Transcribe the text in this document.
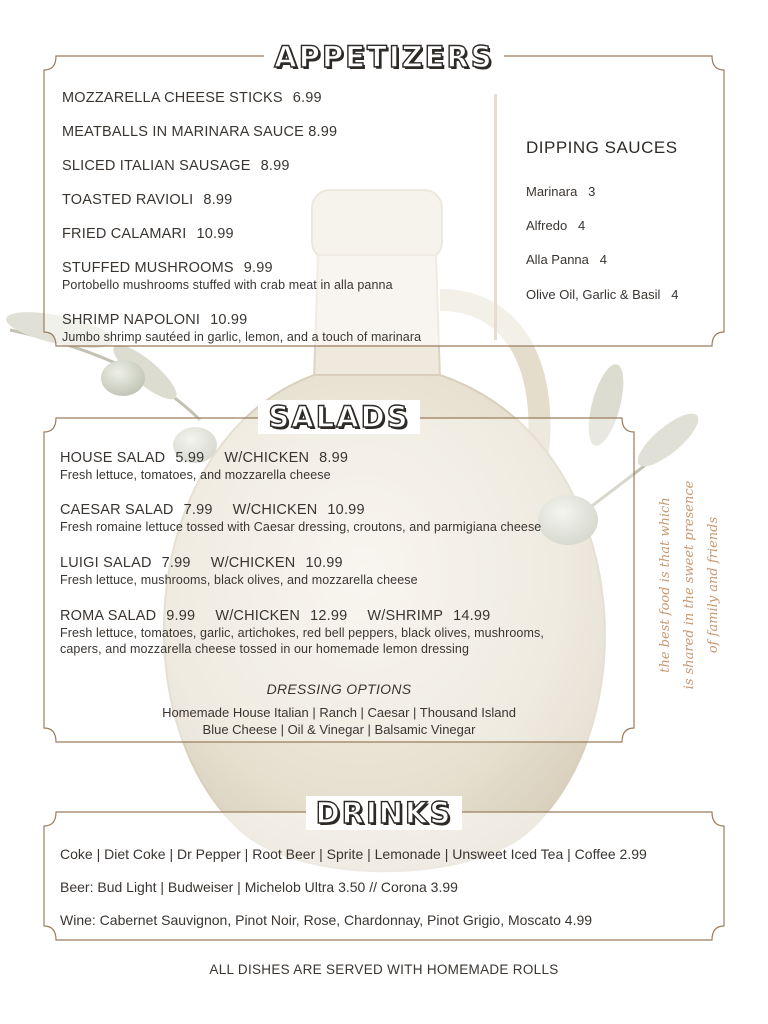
APPETIZERS
MOZZARELLA CHEESE STICKS 6.99
MEATBALLS IN MARINARA SAUCE 8.99
SLICED ITALIAN SAUSAGE 8.99
TOASTED RAVIOLI 8.99
FRIED CALAMARI 10.99
STUFFED MUSHROOMS 9.99
Portobello mushrooms stuffed with crab meat in alla panna
SHRIMP NAPOLONI 10.99
Jumbo shrimp sautéed in garlic, lemon, and a touch of marinara
DIPPING SAUCES
Marinara 3
Alfredo 4
Alla Panna 4
Olive Oil, Garlic & Basil 4
SALADS
HOUSE SALAD 5.99 W/CHICKEN 8.99
Fresh lettuce, tomatoes, and mozzarella cheese
CAESAR SALAD 7.99 W/CHICKEN 10.99
Fresh romaine lettuce tossed with Caesar dressing, croutons, and parmigiana cheese
LUIGI SALAD 7.99 W/CHICKEN 10.99
Fresh lettuce, mushrooms, black olives, and mozzarella cheese
ROMA SALAD 9.99 W/CHICKEN 12.99 W/SHRIMP 14.99
Fresh lettuce, tomatoes, garlic, artichokes, red bell peppers, black olives, mushrooms,
capers, and mozzarella cheese tossed in our homemade lemon dressing
DRESSING OPTIONS
Homemade House Italian | Ranch | Caesar | Thousand Island
Blue Cheese | Oil & Vinegar | Balsamic Vinegar
the best food is that which is shared in the sweet presence of family and friends
DRINKS
Coke | Diet Coke | Dr Pepper | Root Beer | Sprite | Lemonade | Unsweet Iced Tea | Coffee 2.99
Beer: Bud Light | Budweiser | Michelob Ultra 3.50 // Corona 3.99
Wine: Cabernet Sauvignon, Pinot Noir, Rose, Chardonnay, Pinot Grigio, Moscato 4.99
ALL DISHES ARE SERVED WITH HOMEMADE ROLLS
